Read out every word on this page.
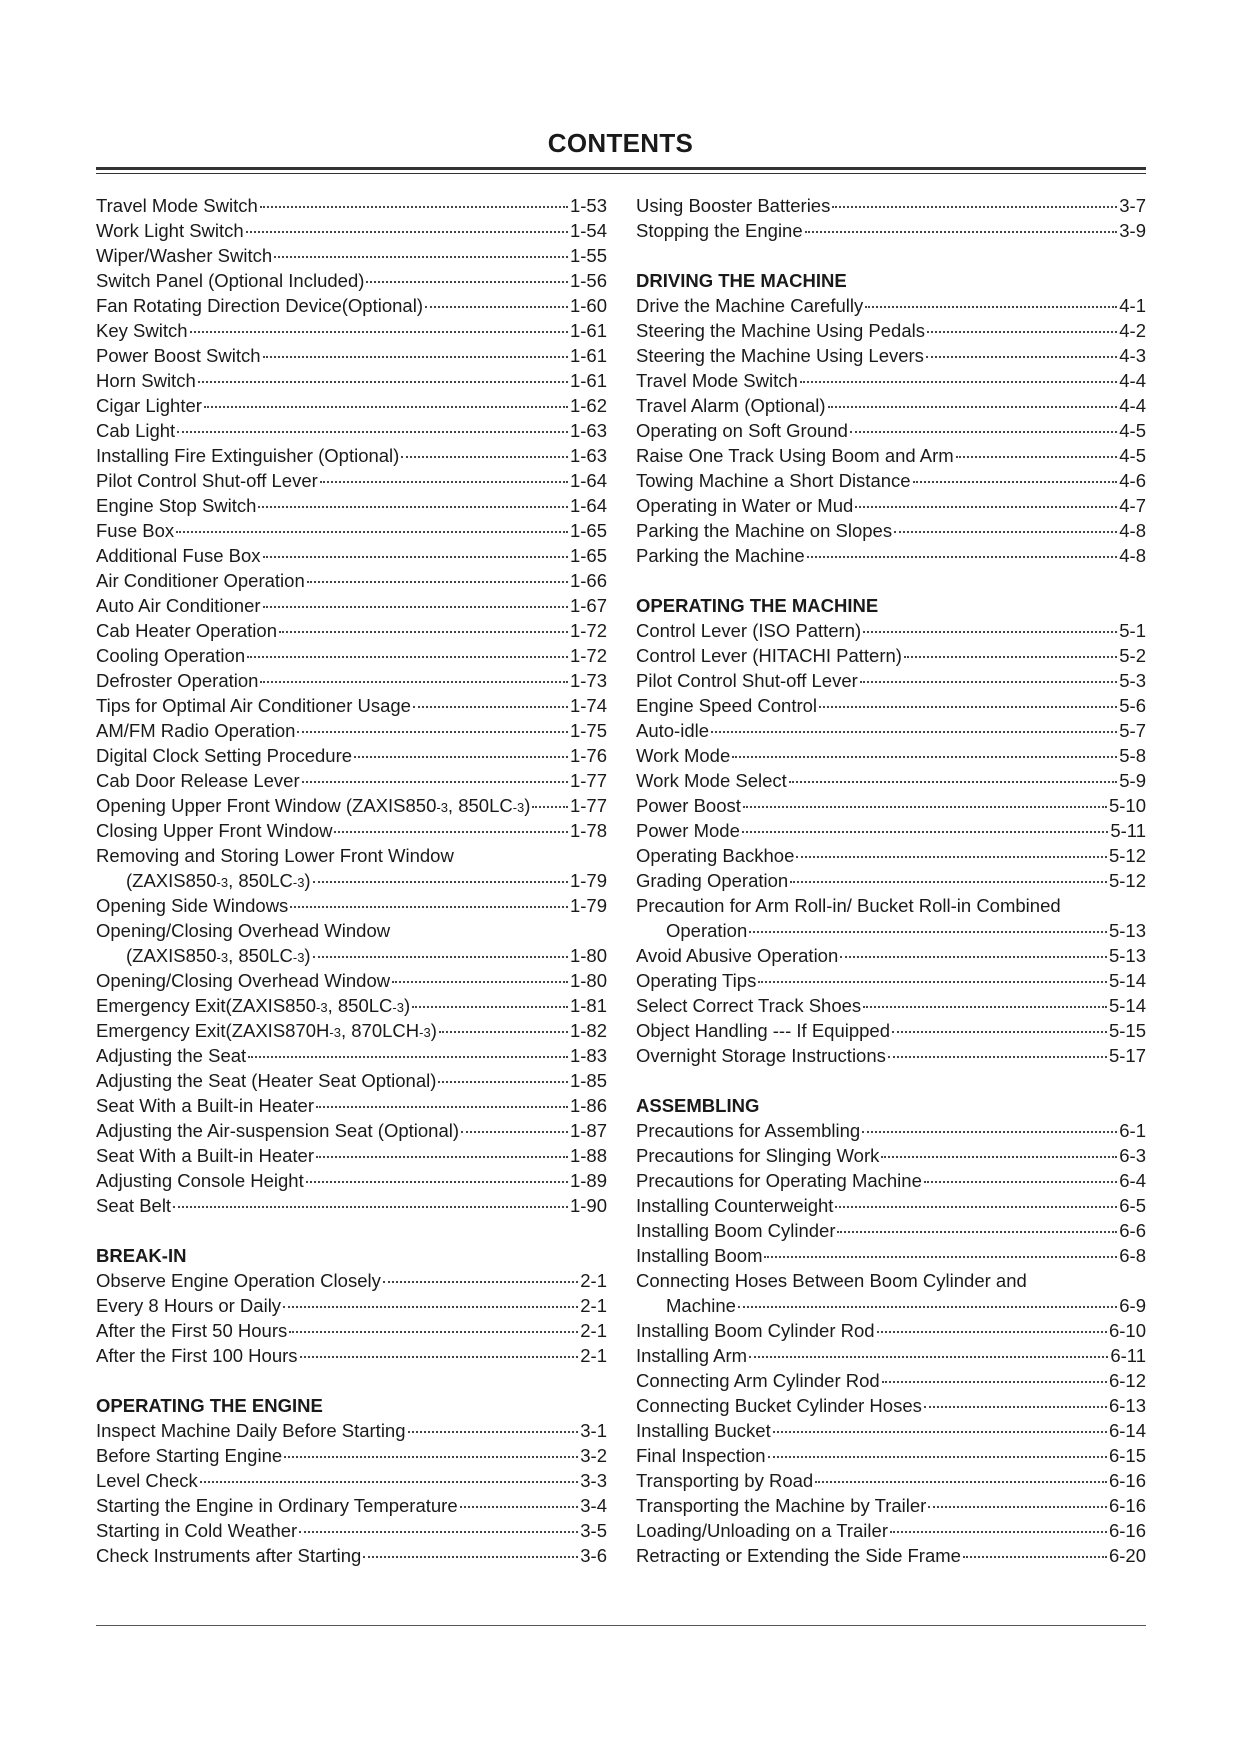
CONTENTS
Travel Mode Switch	1-53
Work Light Switch	1-54
Wiper/Washer Switch	1-55
Switch Panel (Optional Included)	1-56
Fan Rotating Direction Device(Optional)	1-60
Key Switch	1-61
Power Boost Switch	1-61
Horn Switch	1-61
Cigar Lighter	1-62
Cab Light	1-63
Installing Fire Extinguisher (Optional)	1-63
Pilot Control Shut-off Lever	1-64
Engine Stop Switch	1-64
Fuse Box	1-65
Additional Fuse Box	1-65
Air Conditioner Operation	1-66
Auto Air Conditioner	1-67
Cab Heater Operation	1-72
Cooling Operation	1-72
Defroster Operation	1-73
Tips for Optimal Air Conditioner Usage	1-74
AM/FM Radio Operation	1-75
Digital Clock Setting Procedure	1-76
Cab Door Release Lever	1-77
Opening Upper Front Window (ZAXIS850-3, 850LC-3) 1-77
Closing Upper Front Window	1-78
Removing and Storing Lower Front Window
(ZAXIS850-3, 850LC-3)	1-79
Opening Side Windows	1-79
Opening/Closing Overhead Window
(ZAXIS850-3, 850LC-3)	1-80
Opening/Closing Overhead Window	1-80
Emergency Exit(ZAXIS850-3, 850LC-3)	1-81
Emergency Exit(ZAXIS870H-3, 870LCH-3)	1-82
Adjusting the Seat	1-83
Adjusting the Seat (Heater Seat Optional)	1-85
Seat With a Built-in Heater	1-86
Adjusting the Air-suspension Seat (Optional)	1-87
Seat With a Built-in Heater	1-88
Adjusting Console Height	1-89
Seat Belt	1-90
BREAK-IN
Observe Engine Operation Closely	2-1
Every 8 Hours or Daily	2-1
After the First 50 Hours	2-1
After the First 100 Hours	2-1
OPERATING THE ENGINE
Inspect Machine Daily Before Starting	3-1
Before Starting Engine	3-2
Level Check	3-3
Starting the Engine in Ordinary Temperature	3-4
Starting in Cold Weather	3-5
Check Instruments after Starting	3-6
Using Booster Batteries	3-7
Stopping the Engine	3-9
DRIVING THE MACHINE
Drive the Machine Carefully	4-1
Steering the Machine Using Pedals	4-2
Steering the Machine Using Levers	4-3
Travel Mode Switch	4-4
Travel Alarm (Optional)	4-4
Operating on Soft Ground	4-5
Raise One Track Using Boom and Arm	4-5
Towing Machine a Short Distance	4-6
Operating in Water or Mud	4-7
Parking the Machine on Slopes	4-8
Parking the Machine	4-8
OPERATING THE MACHINE
Control Lever (ISO Pattern)	5-1
Control Lever (HITACHI Pattern)	5-2
Pilot Control Shut-off Lever	5-3
Engine Speed Control	5-6
Auto-idle	5-7
Work Mode	5-8
Work Mode Select	5-9
Power Boost	5-10
Power Mode	5-11
Operating Backhoe	5-12
Grading Operation	5-12
Precaution for Arm Roll-in/ Bucket Roll-in Combined
Operation	5-13
Avoid Abusive Operation	5-13
Operating Tips	5-14
Select Correct Track Shoes	5-14
Object Handling --- If Equipped	5-15
Overnight Storage Instructions	5-17
ASSEMBLING
Precautions for Assembling	6-1
Precautions for Slinging Work	6-3
Precautions for Operating Machine	6-4
Installing Counterweight	6-5
Installing Boom Cylinder	6-6
Installing Boom	6-8
Connecting Hoses Between Boom Cylinder and
Machine	6-9
Installing Boom Cylinder Rod	6-10
Installing Arm	6-11
Connecting Arm Cylinder Rod	6-12
Connecting Bucket Cylinder Hoses	6-13
Installing Bucket	6-14
Final Inspection	6-15
Transporting by Road	6-16
Transporting the Machine by Trailer	6-16
Loading/Unloading on a Trailer	6-16
Retracting or Extending the Side Frame	6-20
